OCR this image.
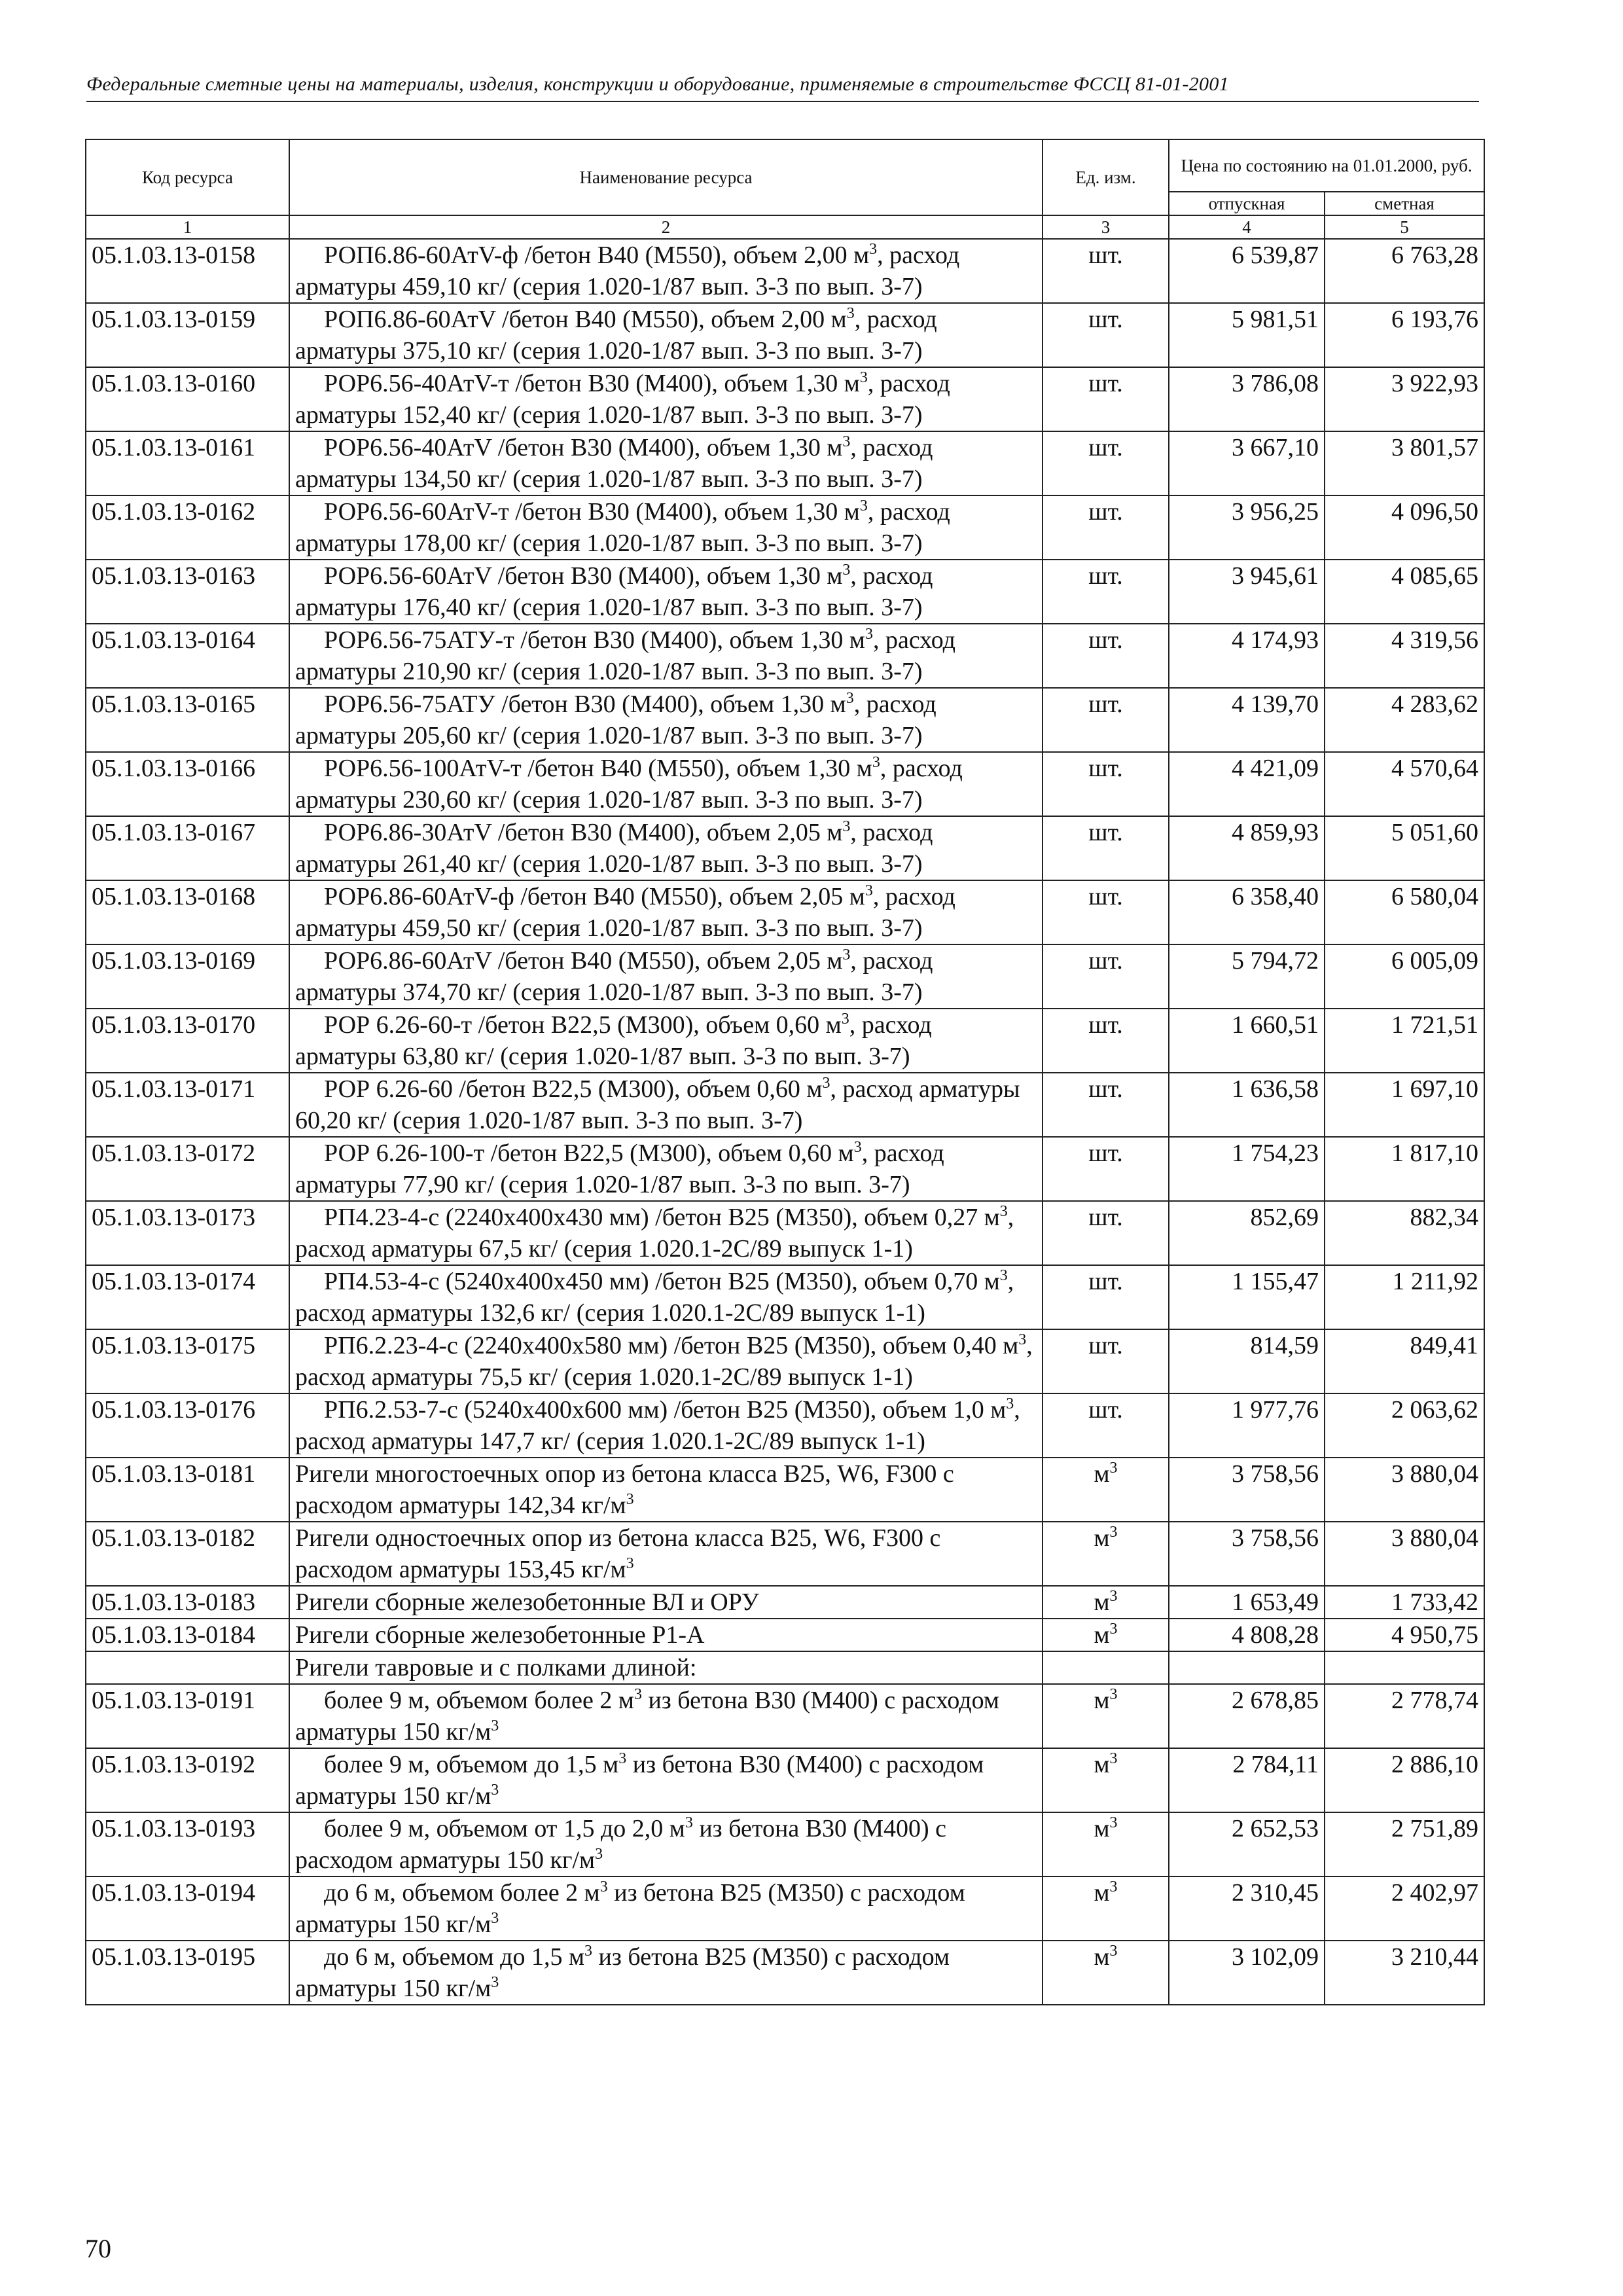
Федеральные сметные цены на материалы, изделия, конструкции и оборудование, применяемые в строительстве ФССЦ 81-01-2001
Код ресурса	Наименование ресурса	Ед. изм.	Цена по состоянию на 01.01.2000, руб.	
			отпускная	сметная
1	2	3	4	5
05.1.03.13-0158	РОП6.86-60АтV-ф /бетон В40 (М550), объем 2,00 $м^3$, расход арматуры 459,10 кг/ (серия 1.020-1/87 вып. 3-3 по вып. 3-7)	шт.	6 539,87	6 763,28
05.1.03.13-0159	РОП6.86-60АтV /бетон В40 (М550), объем 2,00 $м^3$, расход арматуры 375,10 кг/ (серия 1.020-1/87 вып. 3-3 по вып. 3-7)	шт.	5 981,51	6 193,76
05.1.03.13-0160	РОР6.56-40АтV-т /бетон В30 (М400), объем 1,30 $м^3$, расход арматуры 152,40 кг/ (серия 1.020-1/87 вып. 3-3 по вып. 3-7)	шт.	3 786,08	3 922,93
05.1.03.13-0161	РОР6.56-40АтV /бетон В30 (М400), объем 1,30 $м^3$, расход арматуры 134,50 кг/ (серия 1.020-1/87 вып. 3-3 по вып. 3-7)	шт.	3 667,10	3 801,57
05.1.03.13-0162	РОР6.56-60АтV-т /бетон В30 (М400), объем 1,30 $м^3$, расход арматуры 178,00 кг/ (серия 1.020-1/87 вып. 3-3 по вып. 3-7)	шт.	3 956,25	4 096,50
05.1.03.13-0163	РОР6.56-60АтV /бетон В30 (М400), объем 1,30 $м^3$, расход арматуры 176,40 кг/ (серия 1.020-1/87 вып. 3-3 по вып. 3-7)	шт.	3 945,61	4 085,65
05.1.03.13-0164	РОР6.56-75АТУ-т /бетон В30 (М400), объем 1,30 $м^3$, расход арматуры 210,90 кг/ (серия 1.020-1/87 вып. 3-3 по вып. 3-7)	шт.	4 174,93	4 319,56
05.1.03.13-0165	РОР6.56-75АТУ /бетон В30 (М400), объем 1,30 $м^3$, расход арматуры 205,60 кг/ (серия 1.020-1/87 вып. 3-3 по вып. 3-7)	шт.	4 139,70	4 283,62
05.1.03.13-0166	РОР6.56-100АтV-т /бетон В40 (М550), объем 1,30 $м^3$, расход арматуры 230,60 кг/ (серия 1.020-1/87 вып. 3-3 по вып. 3-7)	шт.	4 421,09	4 570,64
05.1.03.13-0167	РОР6.86-30АтV /бетон В30 (М400), объем 2,05 $м^3$, расход арматуры 261,40 кг/ (серия 1.020-1/87 вып. 3-3 по вып. 3-7)	шт.	4 859,93	5 051,60
05.1.03.13-0168	РОР6.86-60АтV-ф /бетон В40 (М550), объем 2,05 $м^3$, расход арматуры 459,50 кг/ (серия 1.020-1/87 вып. 3-3 по вып. 3-7)	шт.	6 358,40	6 580,04
05.1.03.13-0169	РОР6.86-60АтV /бетон В40 (М550), объем 2,05 $м^3$, расход арматуры 374,70 кг/ (серия 1.020-1/87 вып. 3-3 по вып. 3-7)	шт.	5 794,72	6 005,09
05.1.03.13-0170	РОР 6.26-60-т /бетон В22,5 (М300), объем 0,60 $м^3$, расход арматуры 63,80 кг/ (серия 1.020-1/87 вып. 3-3 по вып. 3-7)	шт.	1 660,51	1 721,51
05.1.03.13-0171	РОР 6.26-60 /бетон В22,5 (М300), объем 0,60 $м^3$, расход арматуры 60,20 кг/ (серия 1.020-1/87 вып. 3-3 по вып. 3-7)	шт.	1 636,58	1 697,10
05.1.03.13-0172	РОР 6.26-100-т /бетон В22,5 (М300), объем 0,60 $м^3$, расход арматуры 77,90 кг/ (серия 1.020-1/87 вып. 3-3 по вып. 3-7)	шт.	1 754,23	1 817,10
05.1.03.13-0173	РП4.23-4-с (2240х400х430 мм) /бетон В25 (М350), объем 0,27 $м^3$, расход арматуры 67,5 кг/ (серия 1.020.1-2С/89 выпуск 1-1)	шт.	852,69	882,34
05.1.03.13-0174	РП4.53-4-с (5240х400х450 мм) /бетон В25 (М350), объем 0,70 $м^3$, расход арматуры 132,6 кг/ (серия 1.020.1-2С/89 выпуск 1-1)	шт.	1 155,47	1 211,92
05.1.03.13-0175	РП6.2.23-4-с (2240х400х580 мм) /бетон В25 (М350), объем 0,40 $м^3$, расход арматуры 75,5 кг/ (серия 1.020.1-2С/89 выпуск 1-1)	шт.	814,59	849,41
05.1.03.13-0176	РП6.2.53-7-с (5240х400х600 мм) /бетон В25 (М350), объем 1,0 $м^3$, расход арматуры 147,7 кг/ (серия 1.020.1-2С/89 выпуск 1-1)	шт.	1 977,76	2 063,62
05.1.03.13-0181	Ригели многостоечных опор из бетона класса В25, W6, F300 с расходом арматуры 142,34 $кг/м^3$	$м^3$	3 758,56	3 880,04
05.1.03.13-0182	Ригели одностоечных опор из бетона класса В25, W6, F300 с расходом арматуры 153,45 $кг/м^3$	$м^3$	3 758,56	3 880,04
05.1.03.13-0183	Ригели сборные железобетонные ВЛ и ОРУ	$м^3$	1 653,49	1 733,42
05.1.03.13-0184	Ригели сборные железобетонные Р1-А	$м^3$	4 808,28	4 950,75
	Ригели тавровые и с полками длиной:			
05.1.03.13-0191	более 9 м, объемом более 2 $м^3$ из бетона В30 (М400) с расходом арматуры 150 $кг/м^3$	$м^3$	2 678,85	2 778,74
05.1.03.13-0192	более 9 м, объемом до 1,5 $м^3$ из бетона В30 (М400) с расходом арматуры 150 $кг/м^3$	$м^3$	2 784,11	2 886,10
05.1.03.13-0193	более 9 м, объемом от 1,5 до 2,0 $м^3$ из бетона В30 (М400) с расходом арматуры 150 $кг/м^3$	$м^3$	2 652,53	2 751,89
05.1.03.13-0194	до 6 м, объемом более 2 $м^3$ из бетона В25 (М350) с расходом арматуры 150 $кг/м^3$	$м^3$	2 310,45	2 402,97
05.1.03.13-0195	до 6 м, объемом до 1,5 $м^3$ из бетона В25 (М350) с расходом арматуры 150 $кг/м^3$	$м^3$	3 102,09	3 210,44
70
